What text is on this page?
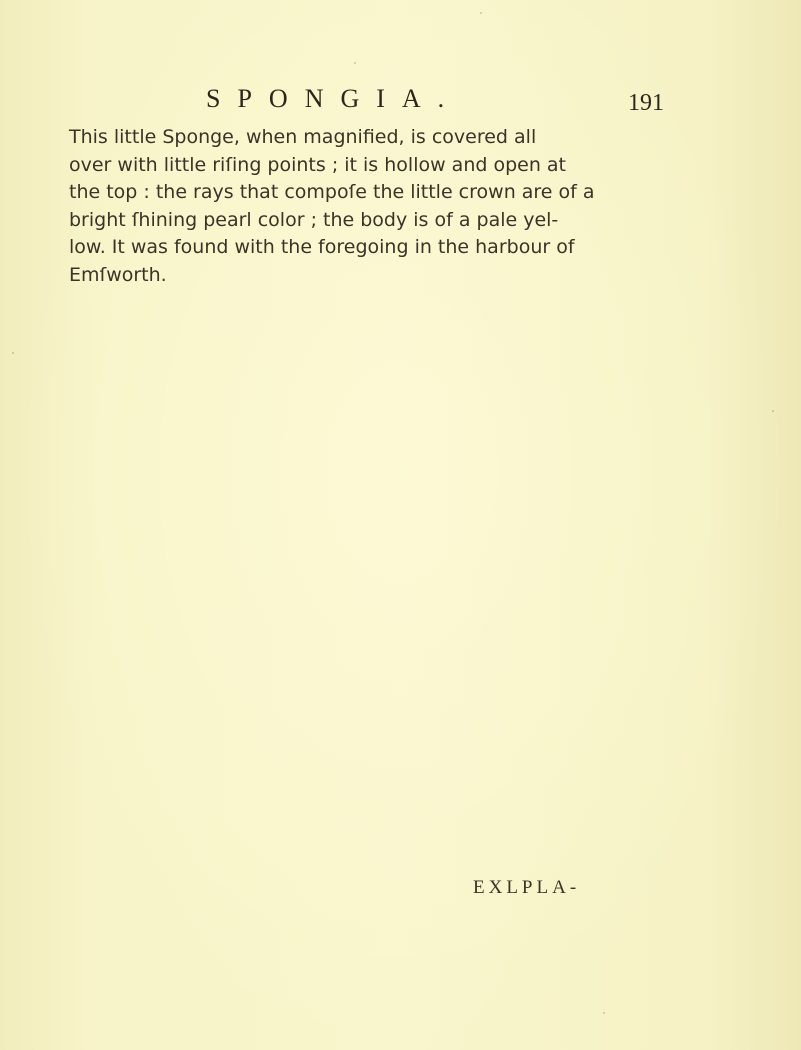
SPONGIA.	191
This little Sponge, when magnified, is covered all
over with little riſing points ; it is hollow and open at
the top : the rays that compoſe the little crown are of a
bright ſhining pearl color ; the body is of a pale yel-
low. It was found with the foregoing in the harbour of
Emſworth.
EXLPLA-
